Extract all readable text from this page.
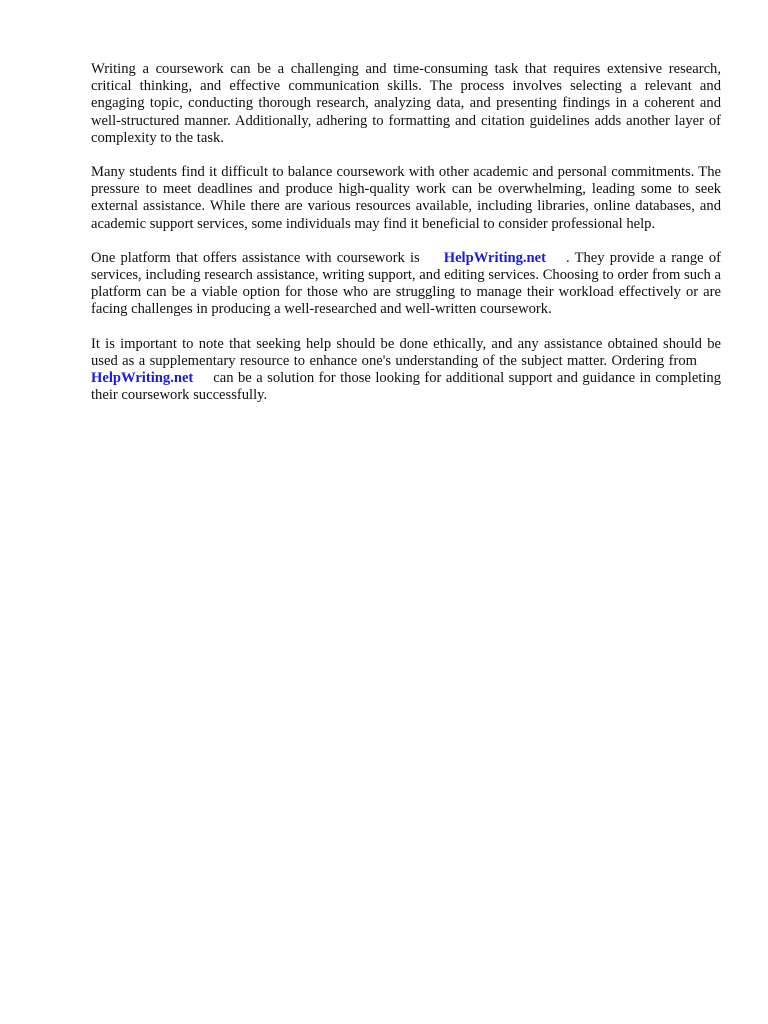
Writing a coursework can be a challenging and time-consuming task that requires extensive research, critical thinking, and effective communication skills. The process involves selecting a relevant and engaging topic, conducting thorough research, analyzing data, and presenting findings in a coherent and well-structured manner. Additionally, adhering to formatting and citation guidelines adds another layer of complexity to the task.

Many students find it difficult to balance coursework with other academic and personal commitments. The pressure to meet deadlines and produce high-quality work can be overwhelming, leading some to seek external assistance. While there are various resources available, including libraries, online databases, and academic support services, some individuals may find it beneficial to consider professional help.

One platform that offers assistance with coursework is HelpWriting.net . They provide a range of services, including research assistance, writing support, and editing services. Choosing to order from such a platform can be a viable option for those who are struggling to manage their workload effectively or are facing challenges in producing a well-researched and well-written coursework.

It is important to note that seeking help should be done ethically, and any assistance obtained should be used as a supplementary resource to enhance one's understanding of the subject matter. Ordering fromHelpWriting.net can be a solution for those looking for additional support and guidance in completing their coursework successfully.
